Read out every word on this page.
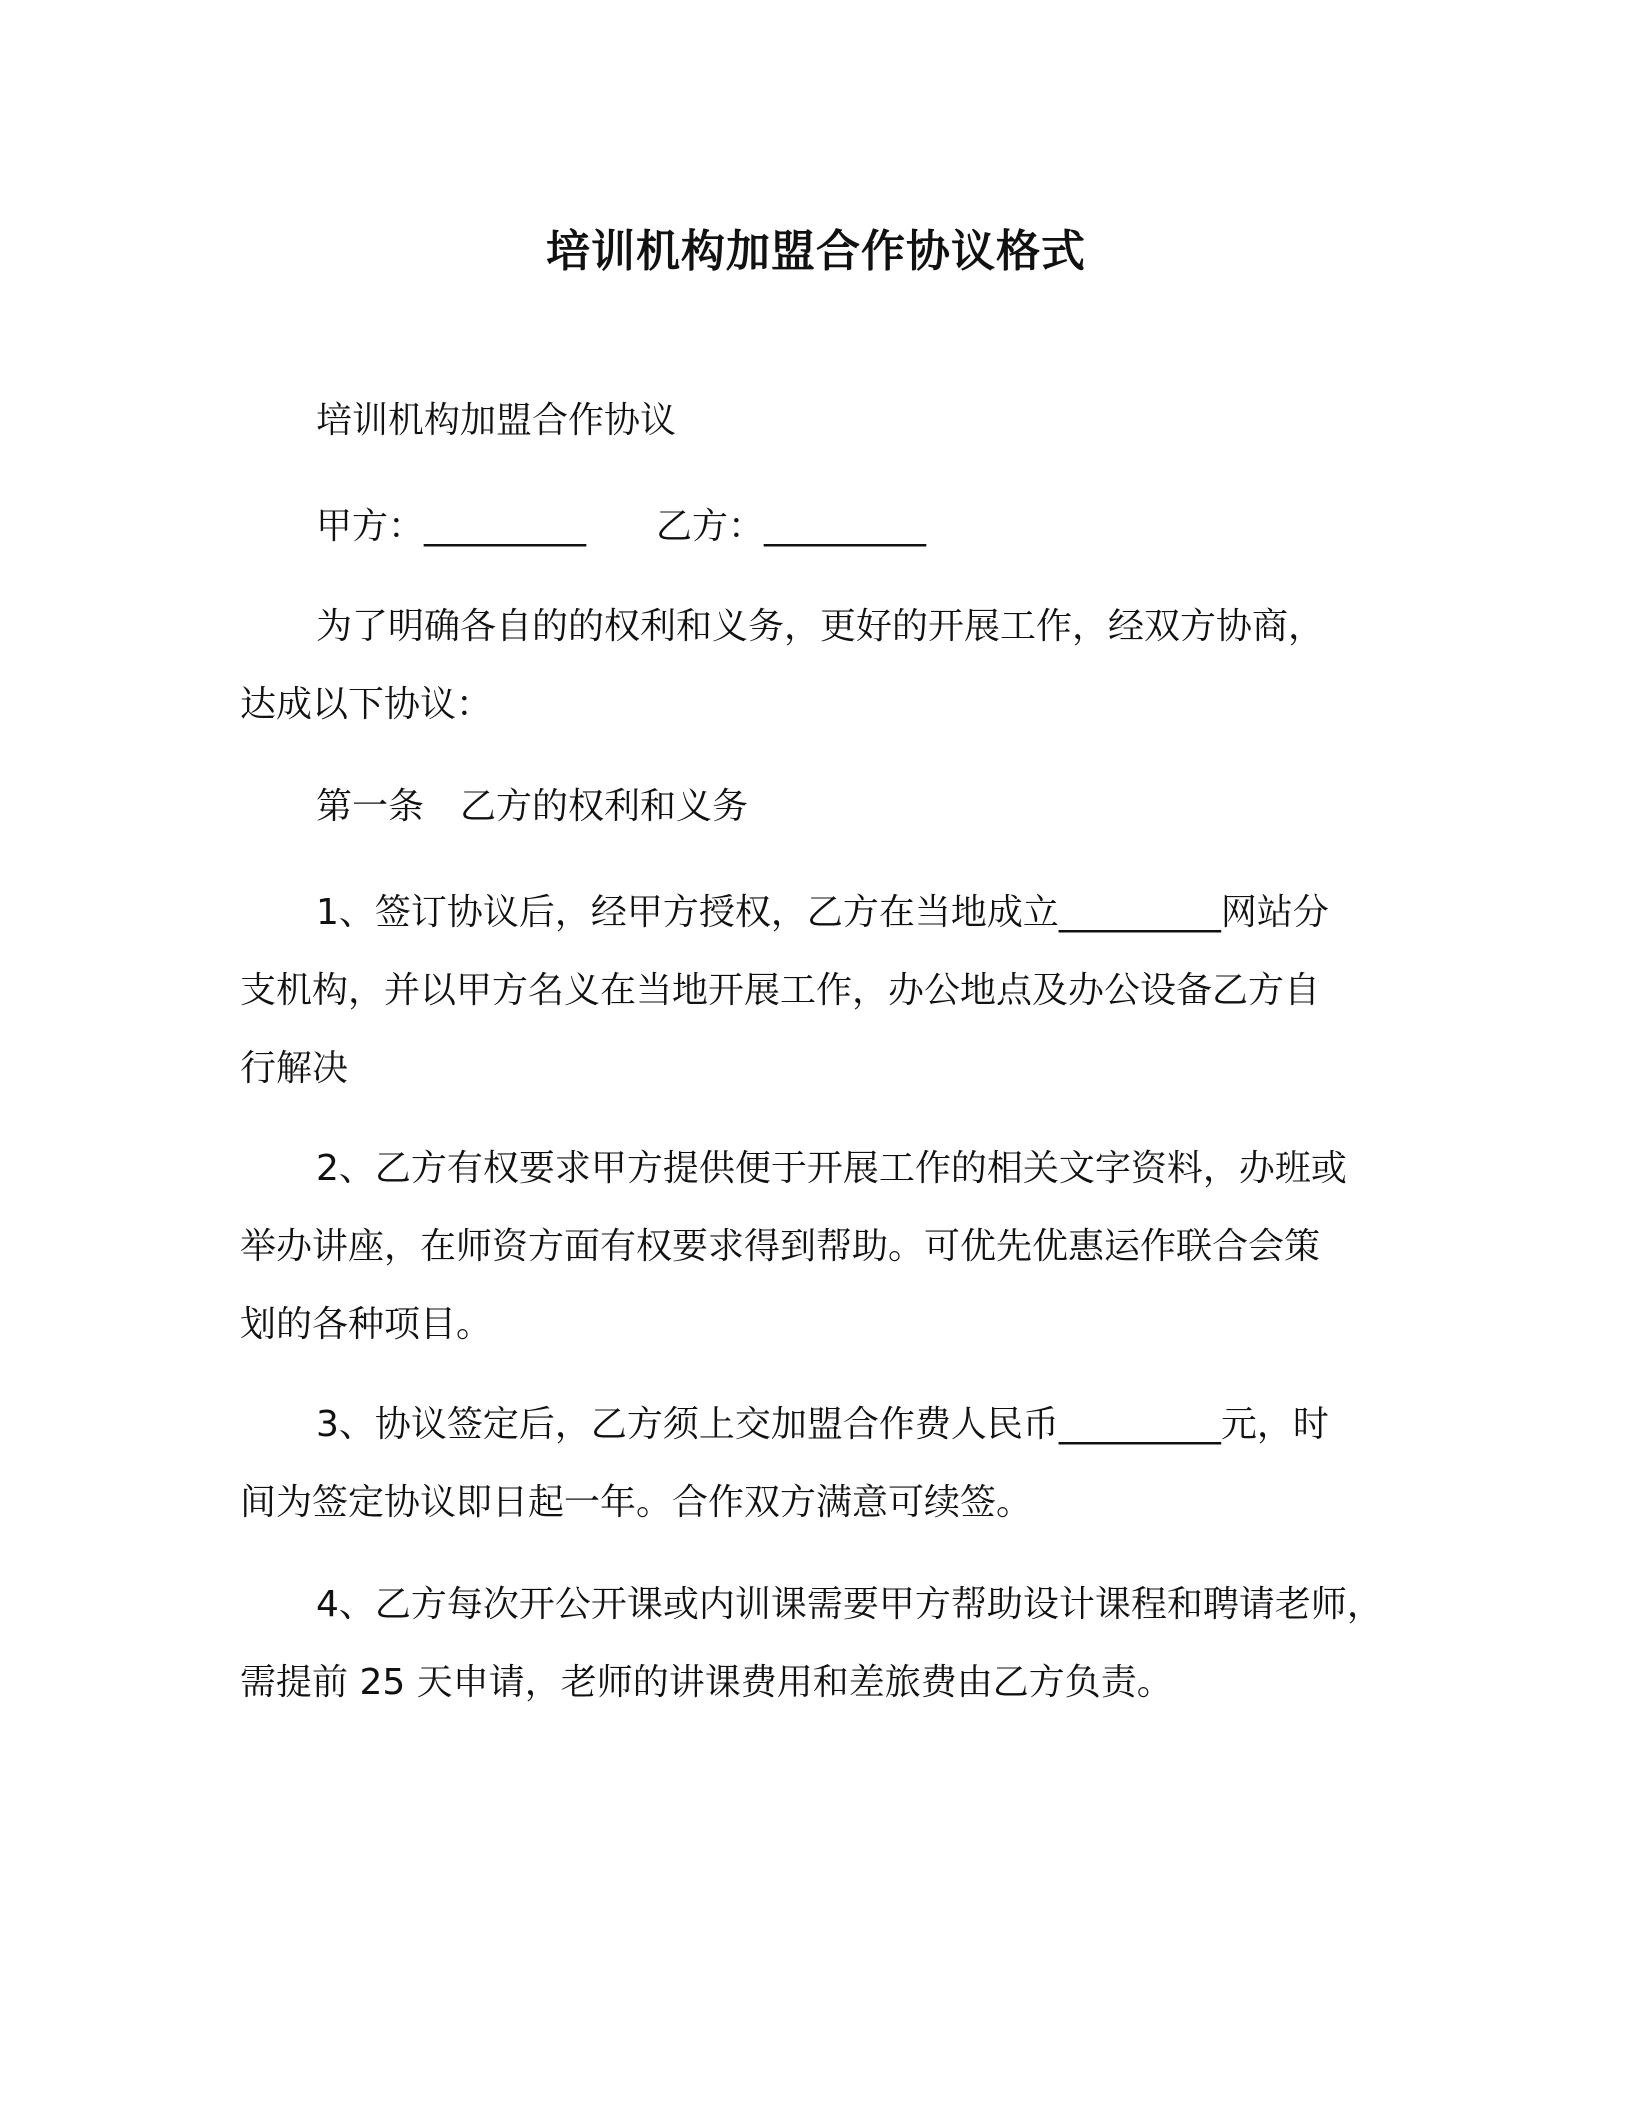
培训机构加盟合作协议格式
培训机构加盟合作协议
甲方：_________ 乙方：_________
为了明确各自的的权利和义务，更好的开展工作，经双方协商，
达成以下协议：
第一条　乙方的权利和义务
1、签订协议后，经甲方授权，乙方在当地成立_________网站分
支机构，并以甲方名义在当地开展工作，办公地点及办公设备乙方自
行解决
2、乙方有权要求甲方提供便于开展工作的相关文字资料，办班或
举办讲座，在师资方面有权要求得到帮助。可优先优惠运作联合会策
划的各种项目。
3、协议签定后，乙方须上交加盟合作费人民币_________元，时
间为签定协议即日起一年。合作双方满意可续签。
4、乙方每次开公开课或内训课需要甲方帮助设计课程和聘请老师，
需提前 25 天申请，老师的讲课费用和差旅费由乙方负责。
